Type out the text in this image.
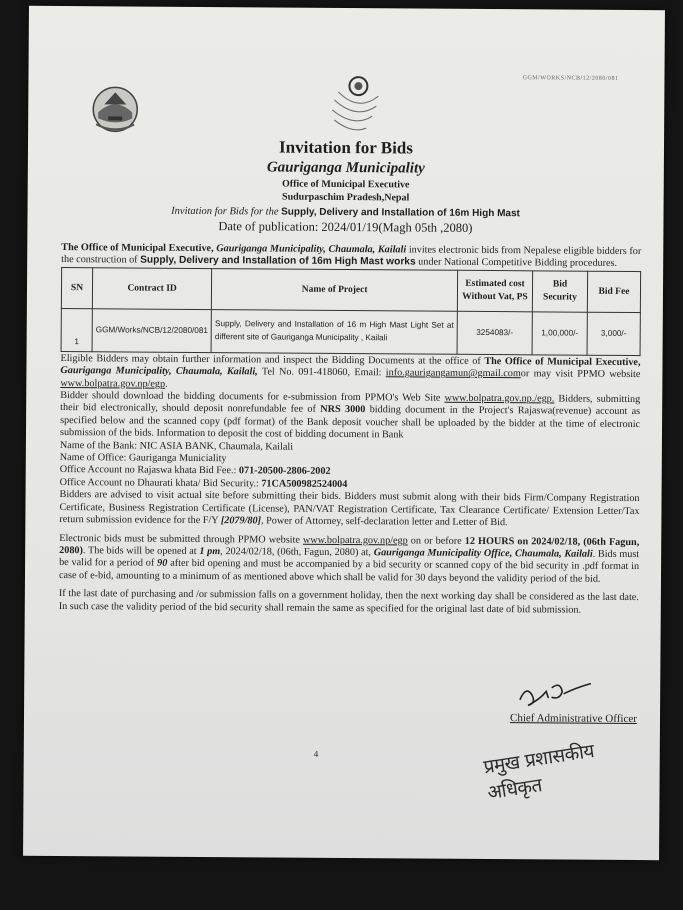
GGM/WORKS/NCB/12/2080/081
Invitation for Bids
Gauriganga Municipality
Office of Municipal Executive
Sudurpaschim Pradesh,Nepal
Invitation for Bids for the Supply, Delivery and Installation of 16m High Mast
Date of publication: 2024/01/19(Magh 05th ,2080)

The Office of Municipal Executive, Gauriganga Municipality, Chaumala, Kailali invites electronic bids from Nepalese eligible bidders for the construction of Supply, Delivery and Installation of 16m High Mast works under National Competitive Bidding procedures.

SN	Contract ID	Name of Project	Estimated cost Without Vat, PS	Bid Security	Bid Fee
1	GGM/Works/NCB/12/2080/081	Supply, Delivery and Installation of 16 m High Mast Light Set at different site of Gauriganga Municipality , Kailali	3254083/-	1,00,000/-	3,000/-

Eligible Bidders may obtain further information and inspect the Bidding Documents at the office of The Office of Municipal Executive, Gauriganga Municipality, Chaumala, Kailali, Tel No. 091-418060, Email: info.gaurigangamun@gmail.comor may visit PPMO website www.bolpatra.gov.np/egp.

Bidder should download the bidding documents for e-submission from PPMO's Web Site www.bolpatra.gov.np./egp. Bidders, submitting their bid electronically, should deposit nonrefundable fee of NRS 3000 bidding document in the Project's Rajaswa(revenue) account as specified below and the scanned copy (pdf format) of the Bank deposit voucher shall be uploaded by the bidder at the time of electronic submission of the bids. Information to deposit the cost of bidding document in Bank

Name of the Bank: NIC ASIA BANK, Chaumala, Kailali

Name of Office: Gauriganga Municiality

Office Account no Rajaswa khata Bid Fee.: 071-20500-2806-2002

Office Account no Dhaurati khata/ Bid Security.: 71CA500982524004

Bidders are advised to visit actual site before submitting their bids. Bidders must submit along with their bids Firm/Company Registration Certificate, Business Registration Certificate (License), PAN/VAT Registration Certificate, Tax Clearance Certificate/ Extension Letter/Tax return submission evidence for the F/Y [2079/80], Power of Attorney, self-declaration letter and Letter of Bid.

Electronic bids must be submitted through PPMO website www.bolpatra.gov.np/egp on or before 12 HOURS on 2024/02/18, (06th Fagun, 2080). The bids will be opened at 1 pm, 2024/02/18, (06th, Fagun, 2080) at, Gauriganga Municipality Office, Chaumala, Kailali. Bids must be valid for a period of 90 after bid opening and must be accompanied by a bid security or scanned copy of the bid security in .pdf format in case of e-bid, amounting to a minimum of as mentioned above which shall be valid for 30 days beyond the validity period of the bid.

If the last date of purchasing and /or submission falls on a government holiday, then the next working day shall be considered as the last date. In such case the validity period of the bid security shall remain the same as specified for the original last date of bid submission.

Chief Administrative Officer
4	प्रमुख प्रशासकीय अधिकृत
